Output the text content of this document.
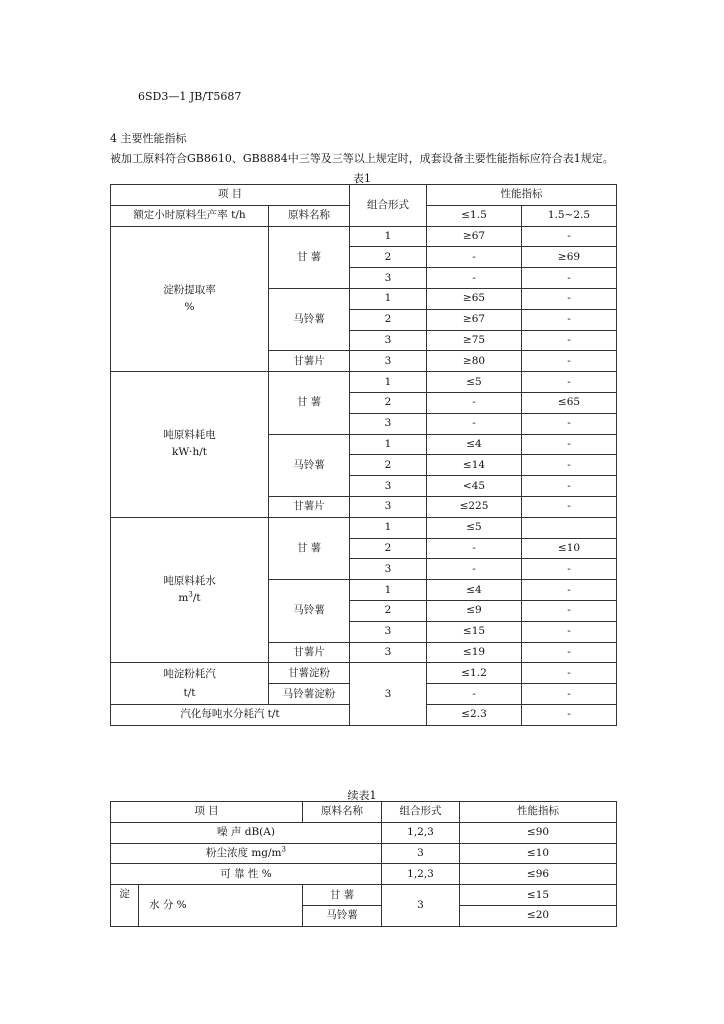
6SD3—1 JB/T5687
4 主要性能指标
被加工原料符合GB8610、GB8884中三等及三等以上规定时，成套设备主要性能指标应符合表1规定。
表1
项 目		组合形式	性能指标	
额定小时原料生产率 t/h	原料名称		≤1.5	1.5~2.5

淀粉提取率
%	甘 薯	1	≥67	-
		2	-	≥69
		3	-	-
	马铃薯	1	≥65	-
		2	≥67	-
		3	≥75	-
	甘薯片	3	≥80	-

吨原料耗电
kW·h/t	甘 薯	1	≤5	-
		2	-	≤65
		3	-	-
	马铃薯	1	≤4	-
		2	≤14	-
		3	<45	-
	甘薯片	3	≤225	-

吨原料耗水
$m^3/t$	甘 薯	1	≤5	
		2	-	≤10
		3	-	-
	马铃薯	1	≤4	-
		2	≤9	-
		3	≤15	-
	甘薯片	3	≤19	-

吨淀粉耗汽
t/t	甘薯淀粉	3	≤1.2	-
	马铃薯淀粉		-	-
汽化每吨水分耗汽 t/t			≤2.3	-
续表1
项 目		原料名称	组合形式	性能指标
噪 声 dB(A)			1,2,3	≤90
粉尘浓度 $mg/m^3$			3	≤10
可 靠 性 %			1,2,3	≤96
淀	水 分 %	甘 薯	3	≤15
		马铃薯		≤20
